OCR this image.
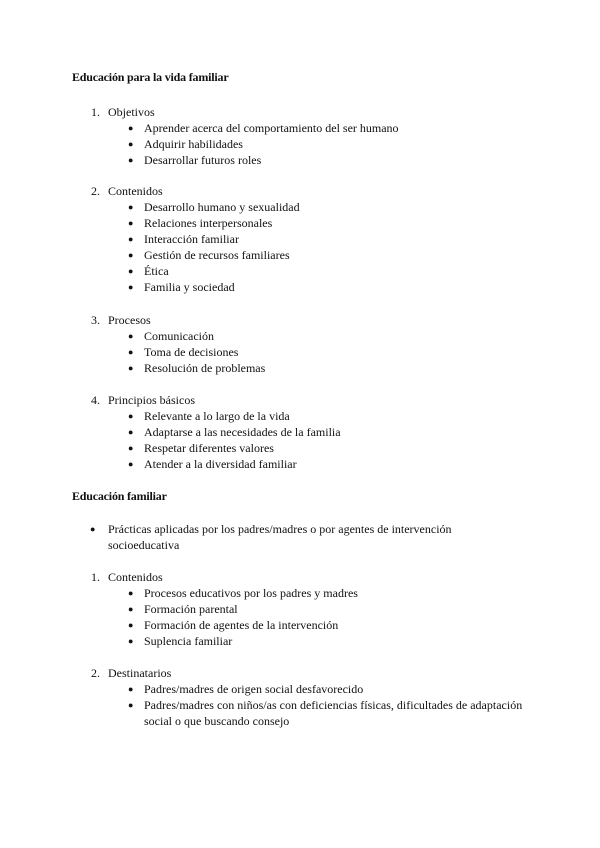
Educación para la vida familiar
1. Objetivos
● Aprender acerca del comportamiento del ser humano
● Adquirir habilidades
● Desarrollar futuros roles
2. Contenidos
● Desarrollo humano y sexualidad
● Relaciones interpersonales
● Interacción familiar
● Gestión de recursos familiares
● Ética
● Familia y sociedad
3. Procesos
● Comunicación
● Toma de decisiones
● Resolución de problemas
4. Principios básicos
● Relevante a lo largo de la vida
● Adaptarse a las necesidades de la familia
● Respetar diferentes valores
● Atender a la diversidad familiar
Educación familiar
● Prácticas aplicadas por los padres/madres o por agentes de intervención
socioeducativa
1. Contenidos
● Procesos educativos por los padres y madres
● Formación parental
● Formación de agentes de la intervención
● Suplencia familiar
2. Destinatarios
● Padres/madres de origen social desfavorecido
● Padres/madres con niños/as con deficiencias físicas, dificultades de adaptación
social o que buscando consejo
